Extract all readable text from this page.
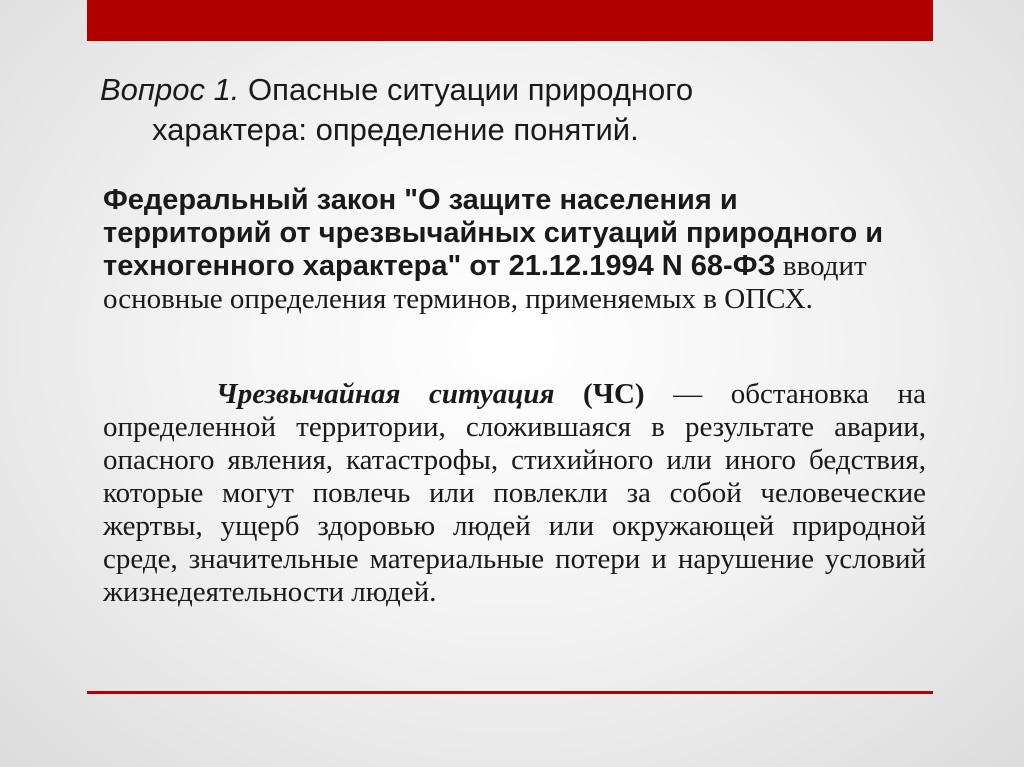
Вопрос 1. Опасные ситуации природного
характера: определение понятий.
Федеральный закон "О защите населения и территорий от чрезвычайных ситуаций природного и техногенного характера" от 21.12.1994 N 68-ФЗ вводит основные определения терминов, применяемых в ОПСХ.
Чрезвычайная ситуация (ЧС) — обстановка на определенной территории, сложившаяся в результате аварии, опасного явления, катастрофы, стихийного или иного бедствия, которые могут повлечь или повлекли за собой человеческие жертвы, ущерб здоровью людей или окружающей природной среде, значительные материальные потери и нарушение условий жизнедеятельности людей.
